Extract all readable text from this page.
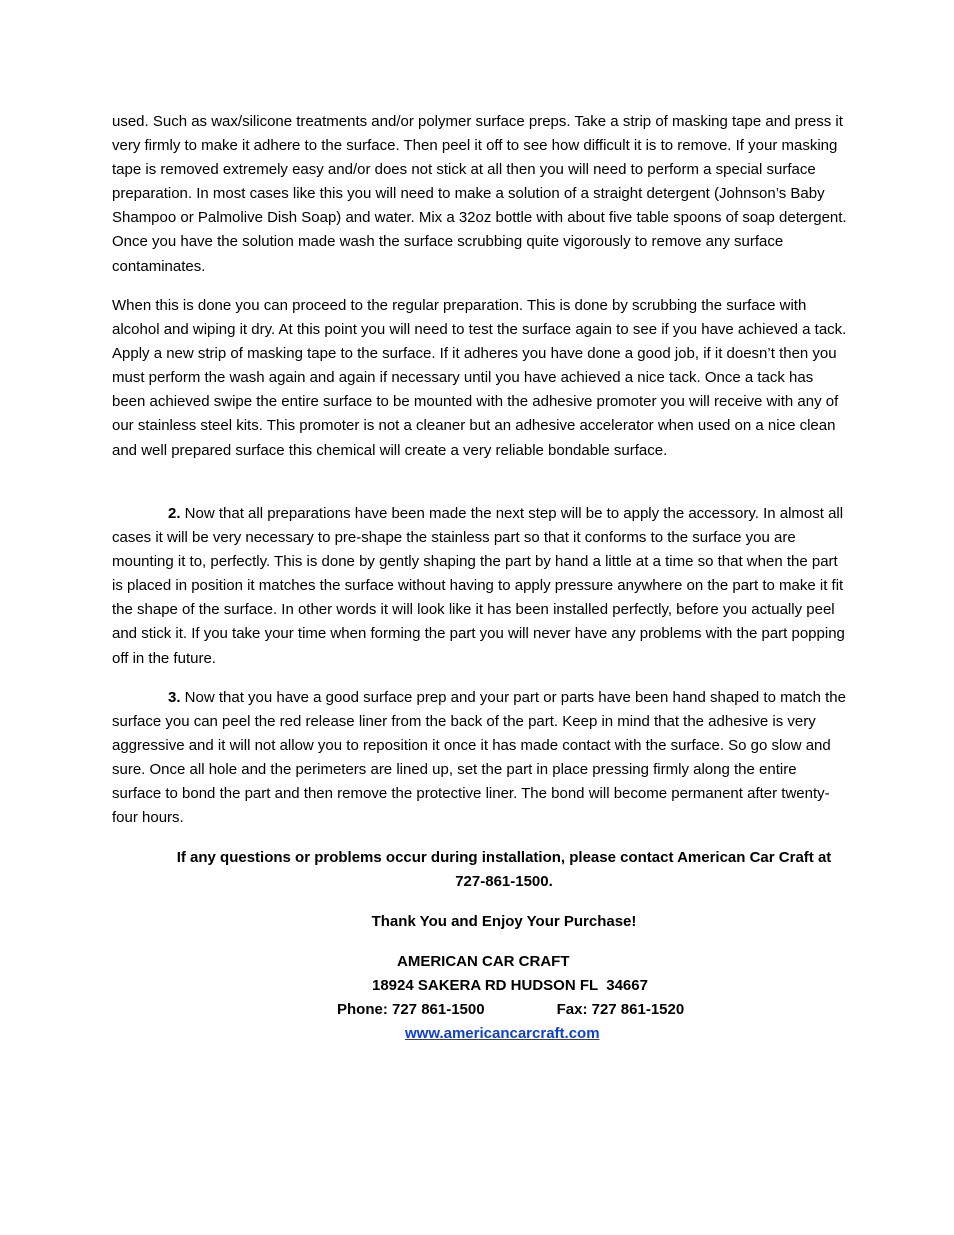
used. Such as wax/silicone treatments and/or polymer surface preps. Take a strip of masking tape and press it very firmly to make it adhere to the surface. Then peel it off to see how difficult it is to remove. If your masking tape is removed extremely easy and/or does not stick at all then you will need to perform a special surface preparation. In most cases like this you will need to make a solution of a straight detergent (Johnson’s Baby Shampoo or Palmolive Dish Soap) and water. Mix a 32oz bottle with about five table spoons of soap detergent. Once you have the solution made wash the surface scrubbing quite vigorously to remove any surface contaminates.

When this is done you can proceed to the regular preparation. This is done by scrubbing the surface with alcohol and wiping it dry. At this point you will need to test the surface again to see if you have achieved a tack. Apply a new strip of masking tape to the surface. If it adheres you have done a good job, if it doesn’t then you must perform the wash again and again if necessary until you have achieved a nice tack. Once a tack has been achieved swipe the entire surface to be mounted with the adhesive promoter you will receive with any of our stainless steel kits. This promoter is not a cleaner but an adhesive accelerator when used on a nice clean and well prepared surface this chemical will create a very reliable bondable surface.

2. Now that all preparations have been made the next step will be to apply the accessory. In almost all cases it will be very necessary to pre-shape the stainless part so that it conforms to the surface you are mounting it to, perfectly. This is done by gently shaping the part by hand a little at a time so that when the part is placed in position it matches the surface without having to apply pressure anywhere on the part to make it fit the shape of the surface. In other words it will look like it has been installed perfectly, before you actually peel and stick it. If you take your time when forming the part you will never have any problems with the part popping off in the future.

3. Now that you have a good surface prep and your part or parts have been hand shaped to match the surface you can peel the red release liner from the back of the part. Keep in mind that the adhesive is very aggressive and it will not allow you to reposition it once it has made contact with the surface. So go slow and sure. Once all hole and the perimeters are lined up, set the part in place pressing firmly along the entire surface to bond the part and then remove the protective liner. The bond will become permanent after twenty-four hours.

If any questions or problems occur during installation, please contact American Car Craft at 727-861-1500.

Thank You and Enjoy Your Purchase!

AMERICAN CAR CRAFT

18924 SAKERA RD HUDSON FL  34667

Phone: 727 861-1500	Fax: 727 861-1520

www.americancarcraft.com
